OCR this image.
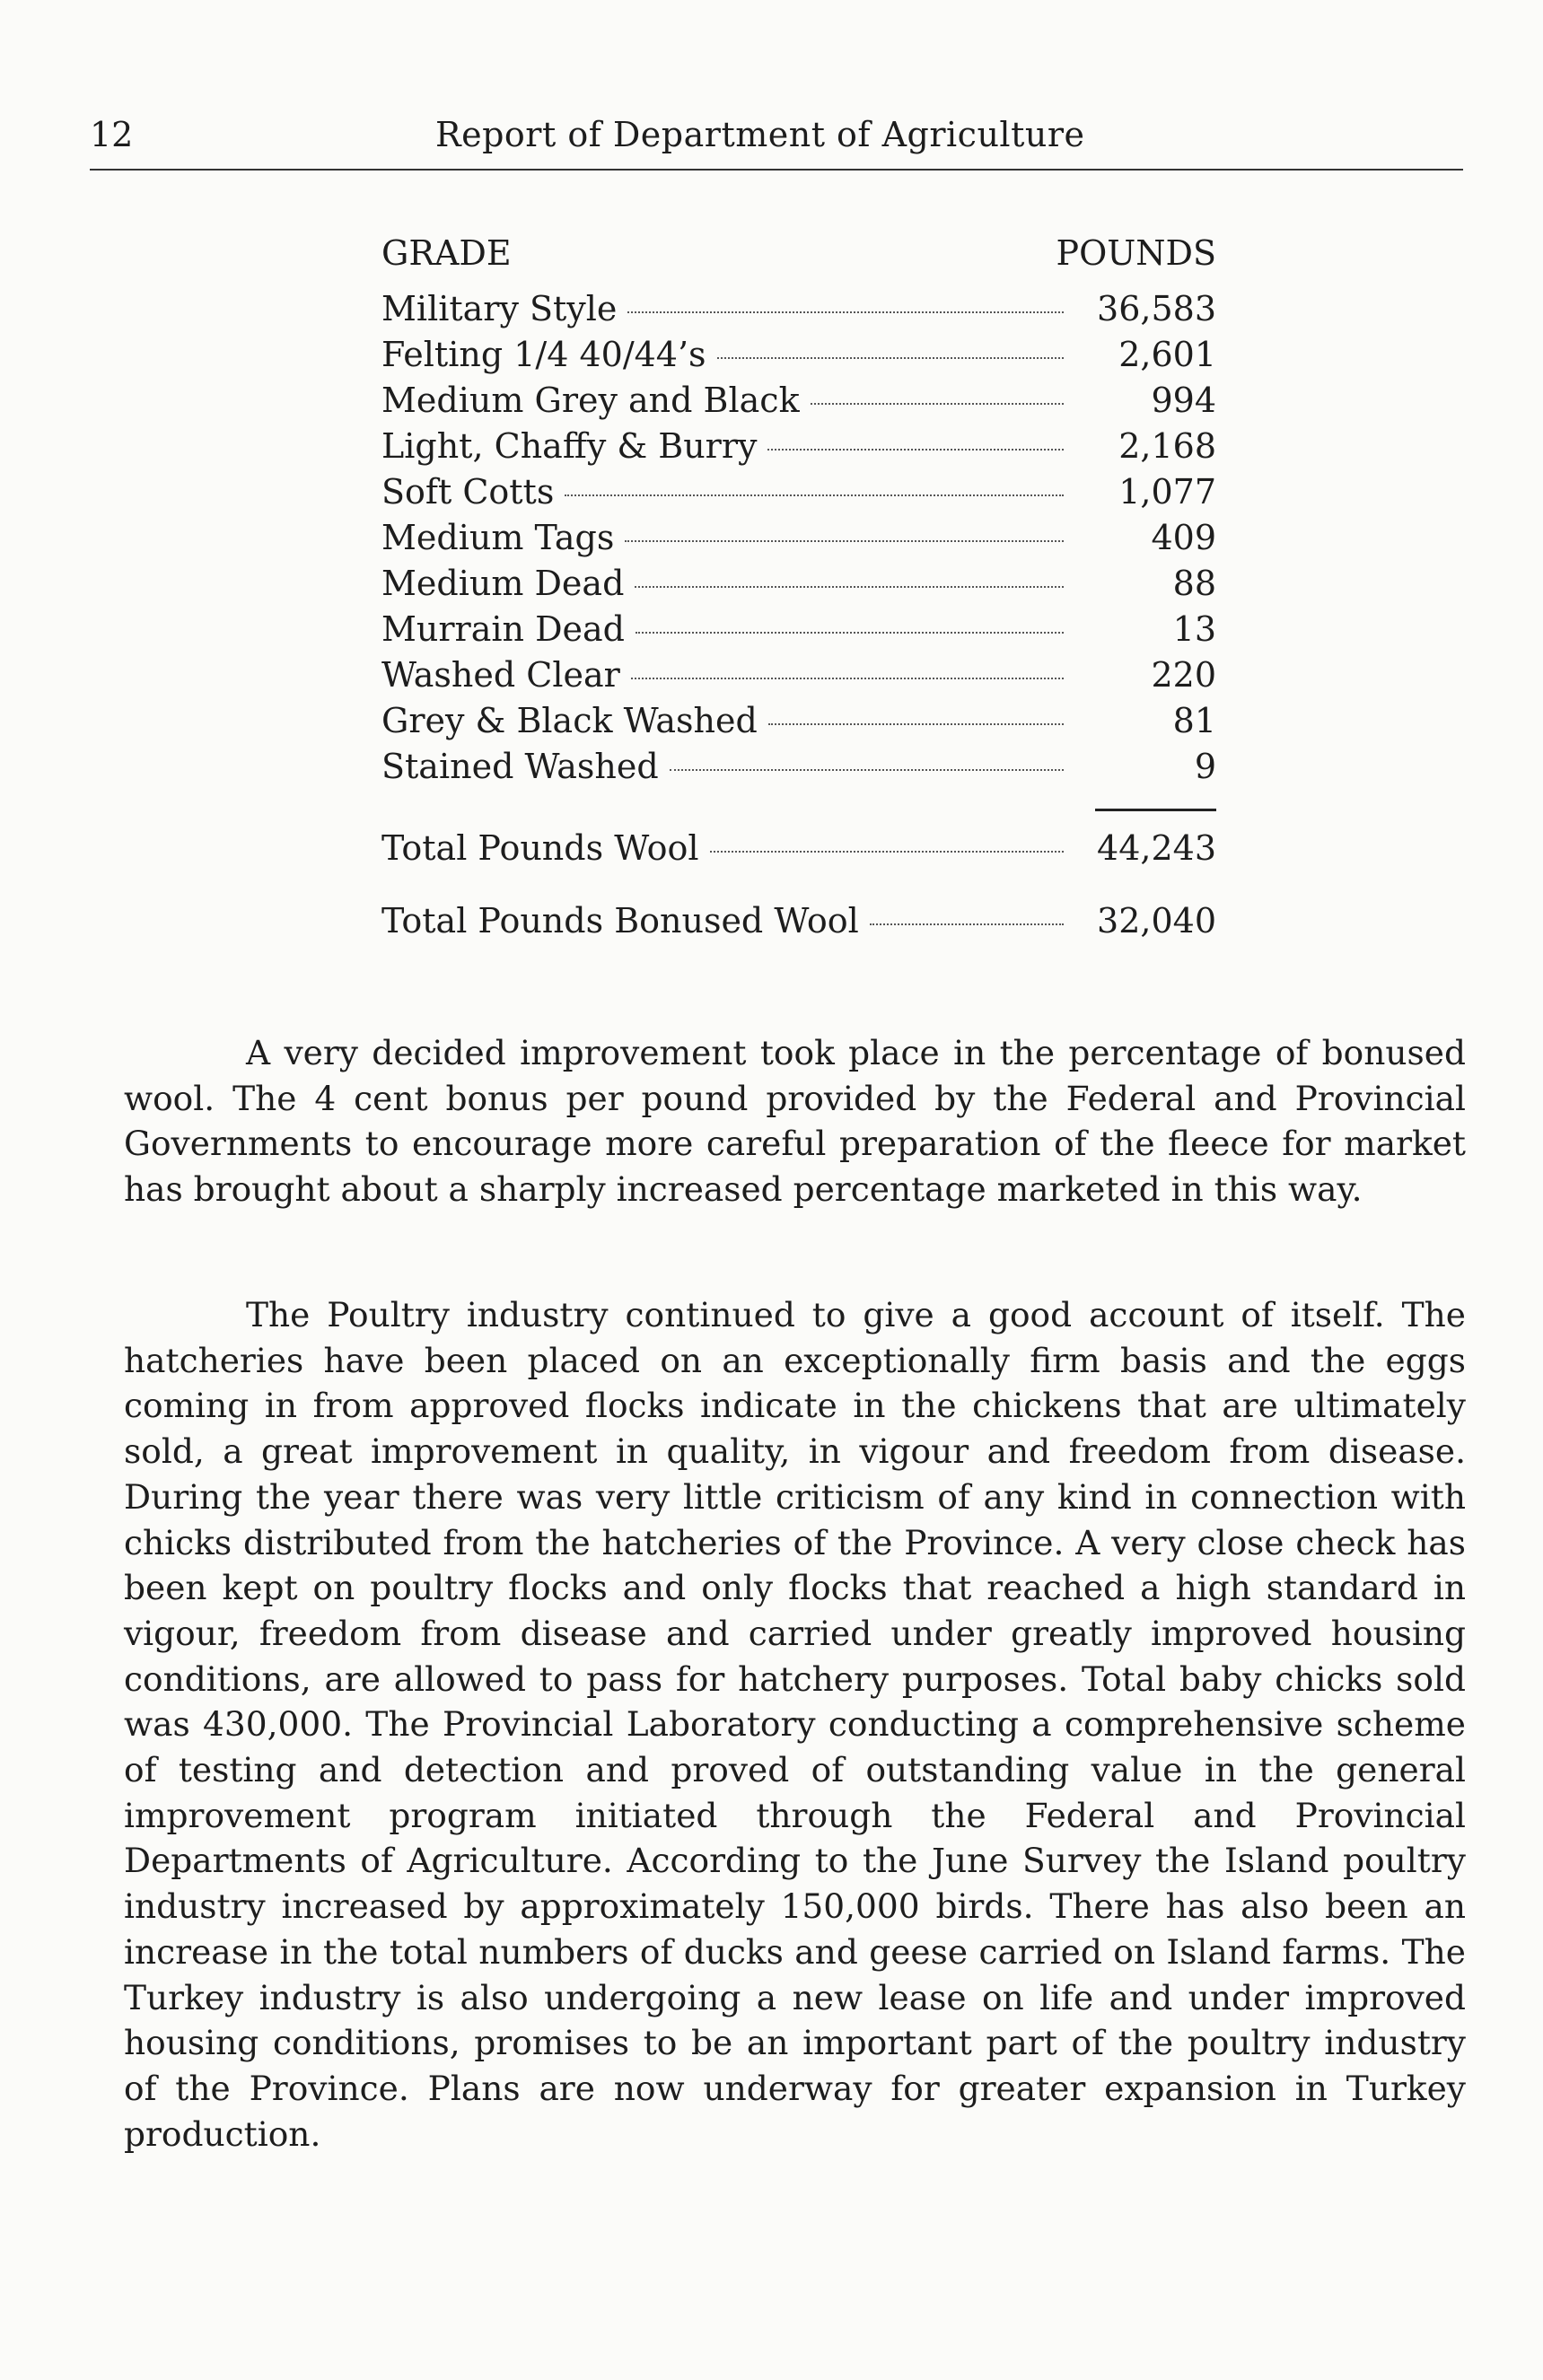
12	Report of Department of Agriculture
GRADE	POUNDS
Military Style	36,583
Felting 1/4 40/44’s	2,601
Medium Grey and Black	994
Light, Chaffy & Burry	2,168
Soft Cotts	1,077
Medium Tags	409
Medium Dead	88
Murrain Dead	13
Washed Clear	220
Grey & Black Washed	81
Stained Washed	9
Total Pounds Wool	44,243
Total Pounds Bonused Wool	32,040

A very decided improvement took place in the percentage of bonused wool. The 4 cent bonus per pound provided by the Federal and Provincial Governments to encourage more careful preparation of the fleece for market has brought about a sharply increased percentage marketed in this way.

The Poultry industry continued to give a good account of itself. The hatcheries have been placed on an exceptionally firm basis and the eggs coming in from approved flocks indicate in the chickens that are ultimately sold, a great improvement in quality, in vigour and freedom from disease. During the year there was very little criticism of any kind in connection with chicks distributed from the hatcheries of the Province. A very close check has been kept on poultry flocks and only flocks that reached a high standard in vigour, freedom from disease and carried under greatly improved housing conditions, are allowed to pass for hatchery purposes. Total baby chicks sold was 430,000. The Provincial Laboratory conducting a comprehensive scheme of testing and detection and proved of outstanding value in the general improvement program initiated through the Federal and Provincial Departments of Agriculture. According to the June Survey the Island poultry industry increased by approximately 150,000 birds. There has also been an increase in the total numbers of ducks and geese carried on Island farms. The Turkey industry is also undergoing a new lease on life and under improved housing conditions, promises to be an important part of the poultry industry of the Province. Plans are now underway for greater expansion in Turkey production.
